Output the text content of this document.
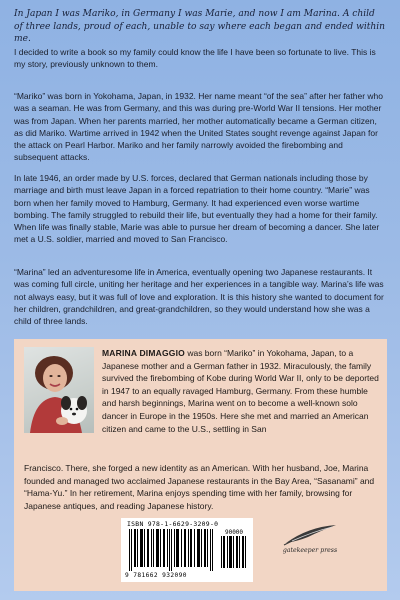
In Japan I was Mariko, in Germany I was Marie, and now I am Marina. A child of three lands, proud of each, unable to say where each began and ended within me.
I decided to write a book so my family could know the life I have been so fortunate to live. This is my story, previously unknown to them.
“Mariko” was born in Yokohama, Japan, in 1932. Her name meant “of the sea” after her father who was a seaman. He was from Germany, and this was during pre-World War II tensions. Her mother was from Japan. When her parents married, her mother automatically became a German citizen, as did Mariko. Wartime arrived in 1942 when the United States sought revenge against Japan for the attack on Pearl Harbor. Mariko and her family narrowly avoided the firebombing and subsequent attacks.
In late 1946, an order made by U.S. forces, declared that German nationals including those by marriage and birth must leave Japan in a forced repatriation to their home country. “Marie” was born when her family moved to Hamburg, Germany. It had experienced even worse wartime bombing. The family struggled to rebuild their life, but eventually they had a home for their family. When life was finally stable, Marie was able to pursue her dream of becoming a dancer. She later met a U.S. soldier, married and moved to San Francisco.
“Marina” led an adventuresome life in America, eventually opening two Japanese restaurants. It was coming full circle, uniting her heritage and her experiences in a tangible way. Marina’s life was not always easy, but it was full of love and exploration. It is this history she wanted to document for her children, grandchildren, and great-grandchildren, so they would understand how she was a child of three lands.
MARINA DIMAGGIO was born “Mariko” in Yokohama, Japan, to a Japanese mother and a German father in 1932. Miraculously, the family survived the firebombing of Kobe during World War II, only to be deported in 1947 to an equally ravaged Hamburg, Germany. From these humble and harsh beginnings, Marina went on to become a well-known solo dancer in Europe in the 1950s. Here she met and married an American citizen and came to the U.S., settling in San
Francisco. There, she forged a new identity as an American. With her husband, Joe, Marina founded and managed two acclaimed Japanese restaurants in the Bay Area, “Sasanami” and “Hama-Yu.” In her retirement, Marina enjoys spending time with her family, browsing for Japanese antiques, and reading Japanese history.
ISBN 978-1-6629-3209-0
90000
9 781662 932090
gatekeeper press
